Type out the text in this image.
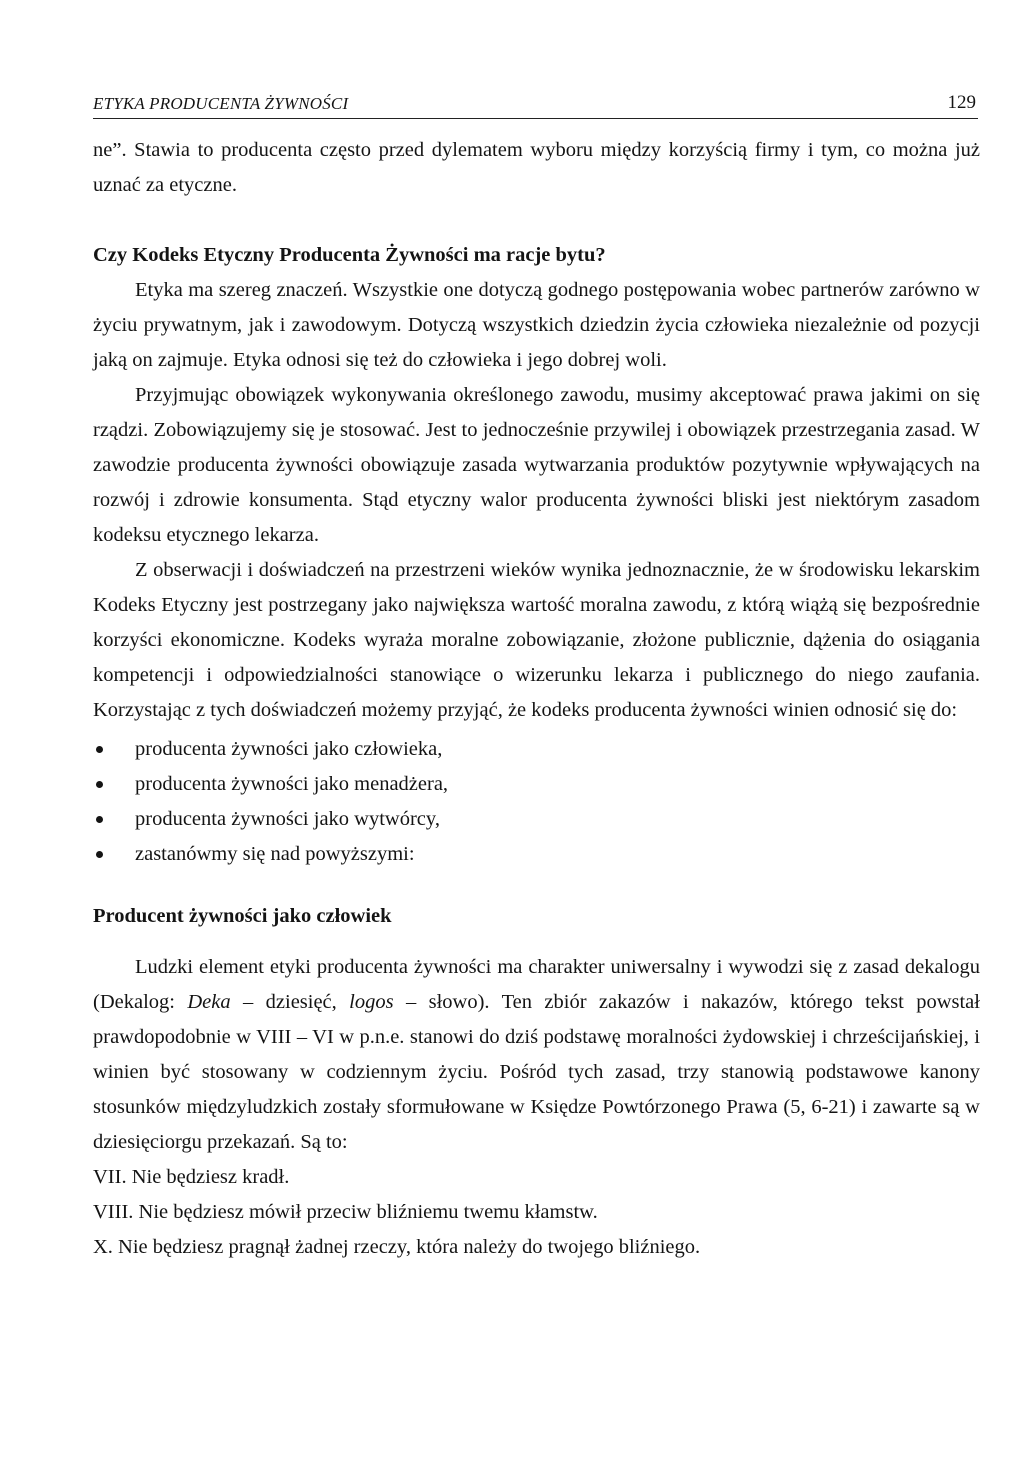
ETYKA PRODUCENTA ŻYWNOŚCI	129

ne”. Stawia to producenta często przed dylematem wyboru między korzyścią firmy i tym, co można już uznać za etyczne.

Czy Kodeks Etyczny Producenta Żywności ma racje bytu?

Etyka ma szereg znaczeń. Wszystkie one dotyczą godnego postępowania wobec partnerów zarówno w życiu prywatnym, jak i zawodowym. Dotyczą wszystkich dziedzin życia człowieka niezależnie od pozycji jaką on zajmuje. Etyka odnosi się też do człowieka i jego dobrej woli.

Przyjmując obowiązek wykonywania określonego zawodu, musimy akceptować prawa jakimi on się rządzi. Zobowiązujemy się je stosować. Jest to jednocześnie przywilej i obowiązek przestrzegania zasad. W zawodzie producenta żywności obowiązuje zasada wytwarzania produktów pozytywnie wpływających na rozwój i zdrowie konsumenta. Stąd etyczny walor producenta żywności bliski jest niektórym zasadom kodeksu etycznego lekarza.

Z obserwacji i doświadczeń na przestrzeni wieków wynika jednoznacznie, że w środowisku lekarskim Kodeks Etyczny jest postrzegany jako największa wartość moralna zawodu, z którą wiążą się bezpośrednie korzyści ekonomiczne. Kodeks wyraża moralne zobowiązanie, złożone publicznie, dążenia do osiągania kompetencji i odpowiedzialności stanowiące o wizerunku lekarza i publicznego do niego zaufania. Korzystając z tych doświadczeń możemy przyjąć, że kodeks producenta żywności winien odnosić się do:

producenta żywności jako człowieka,
producenta żywności jako menadżera,
producenta żywności jako wytwórcy,
zastanówmy się nad powyższymi:
Producent żywności jako człowiek

Ludzki element etyki producenta żywności ma charakter uniwersalny i wywodzi się z zasad dekalogu (Dekalog: Deka – dziesięć, logos – słowo). Ten zbiór zakazów i nakazów, którego tekst powstał prawdopodobnie w VIII – VI w p.n.e. stanowi do dziś podstawę moralności żydowskiej i chrześcijańskiej, i winien być stosowany w codziennym życiu. Pośród tych zasad, trzy stanowią podstawowe kanony stosunków międzyludzkich zostały sformułowane w Księdze Powtórzonego Prawa (5, 6-21) i zawarte są w dziesięciorgu przekazań. Są to:

VII. Nie będziesz kradł.
VIII. Nie będziesz mówił przeciw bliźniemu twemu kłamstw.
X. Nie będziesz pragnął żadnej rzeczy, która należy do twojego bliźniego.
